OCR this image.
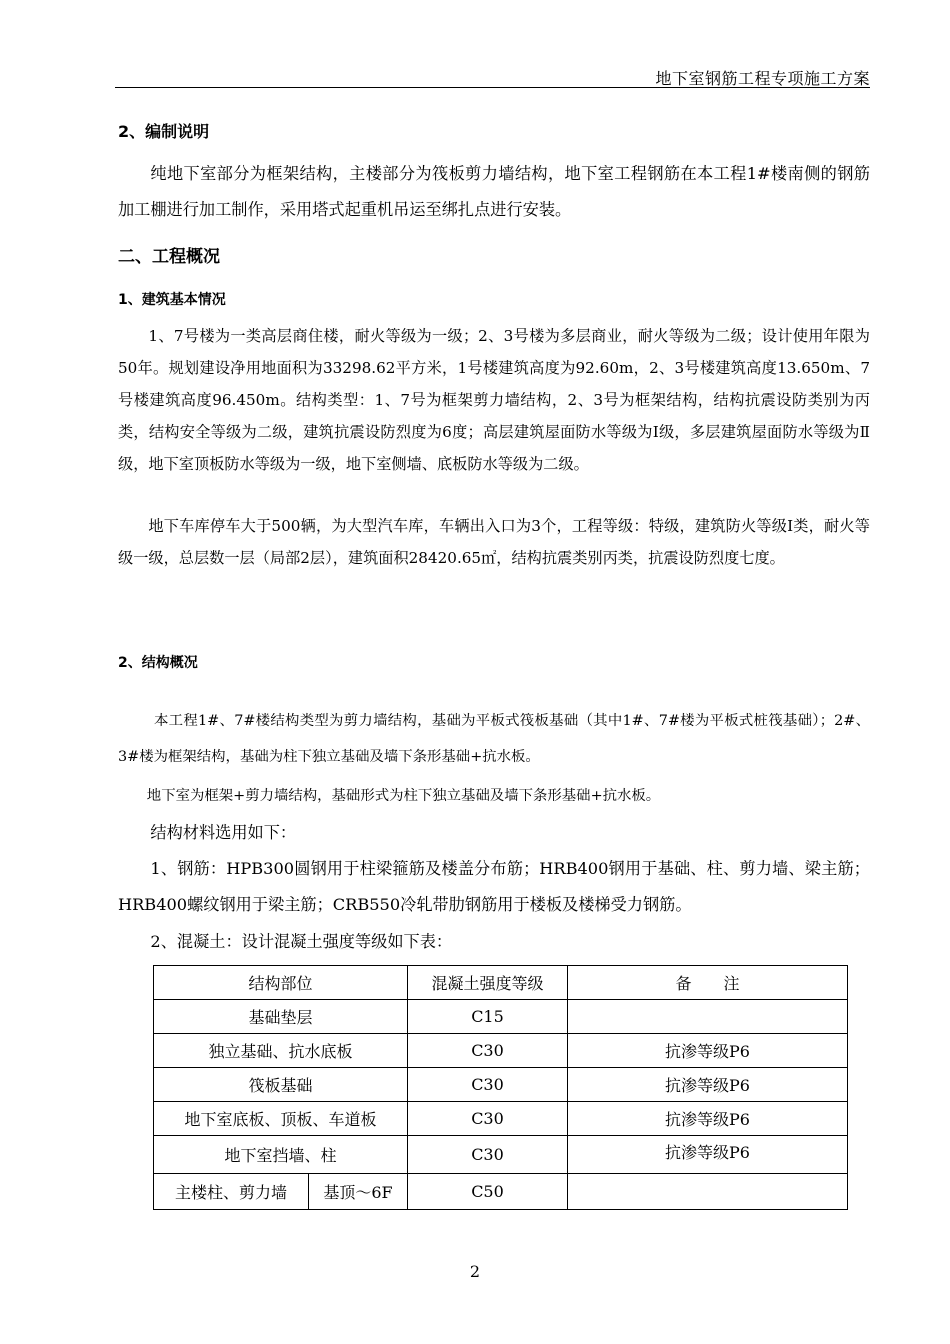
地下室钢筋工程专项施工方案
2、编制说明
纯地下室部分为框架结构，主楼部分为筏板剪力墙结构，地下室工程钢筋在本工程1#楼南侧的钢筋加工棚进行加工制作，采用塔式起重机吊运至绑扎点进行安装。
二、工程概况
1、建筑基本情况
1、7号楼为一类高层商住楼，耐火等级为一级；2、3号楼为多层商业，耐火等级为二级；设计使用年限为50年。规划建设净用地面积为33298.62平方米，1号楼建筑高度为92.60m，2、3号楼建筑高度13.650m、7号楼建筑高度96.450m。结构类型：1、7号为框架剪力墙结构，2、3号为框架结构，结构抗震设防类别为丙类，结构安全等级为二级，建筑抗震设防烈度为6度；高层建筑屋面防水等级为Ⅰ级，多层建筑屋面防水等级为Ⅱ级，地下室顶板防水等级为一级，地下室侧墙、底板防水等级为二级。
地下车库停车大于500辆，为大型汽车库，车辆出入口为3个，工程等级：特级，建筑防火等级Ⅰ类，耐火等级一级，总层数一层（局部2层），建筑面积28420.65㎡，结构抗震类别丙类，抗震设防烈度七度。
2、结构概况
本工程1#、7#楼结构类型为剪力墙结构，基础为平板式筏板基础（其中1#、7#楼为平板式桩筏基础）；2#、3#楼为框架结构，基础为柱下独立基础及墙下条形基础+抗水板。
地下室为框架+剪力墙结构，基础形式为柱下独立基础及墙下条形基础+抗水板。
结构材料选用如下：
1、钢筋：HPB300圆钢用于柱梁箍筋及楼盖分布筋；HRB400钢用于基础、柱、剪力墙、梁主筋；HRB400螺纹钢用于梁主筋；CRB550冷轧带肋钢筋用于楼板及楼梯受力钢筋。
2、混凝土：设计混凝土强度等级如下表：
结构部位	混凝土强度等级	备　　注
基础垫层	C15	
独立基础、抗水底板	C30	抗渗等级P6
筏板基础	C30	抗渗等级P6
地下室底板、顶板、车道板	C30	抗渗等级P6
地下室挡墙、柱	C30	抗渗等级P6

主楼柱、剪力墙 基顶～6F	C50	
2
